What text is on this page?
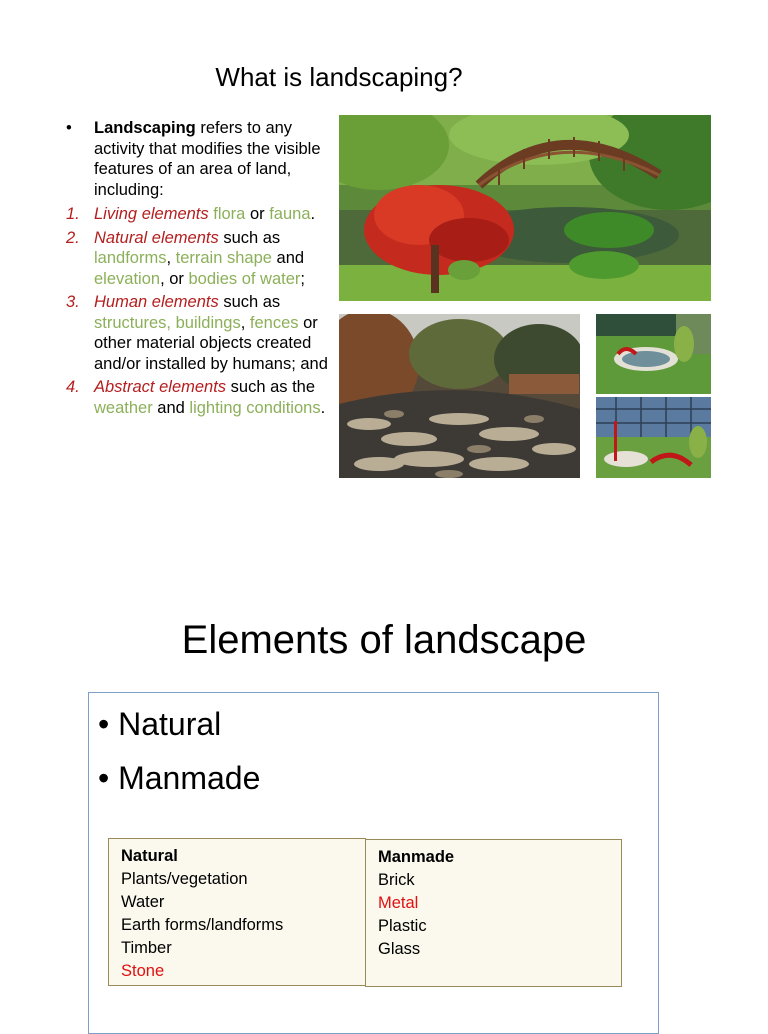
What is landscaping?
• Landscaping refers to any activity that modifies the visible features of an area of land, including:
1. Living elements flora or fauna.
2. Natural elements such as landforms, terrain shape and elevation, or bodies of water;
3. Human elements such as structures, buildings, fences or other material objects created and/or installed by humans; and
4. Abstract elements such as the weather and lighting conditions.
Elements of landscape
• Natural
• Manmade
Natural
Plants/vegetation
Water
Earth forms/landforms
Timber
Stone
Manmade
Brick
Metal
Plastic
Glass
